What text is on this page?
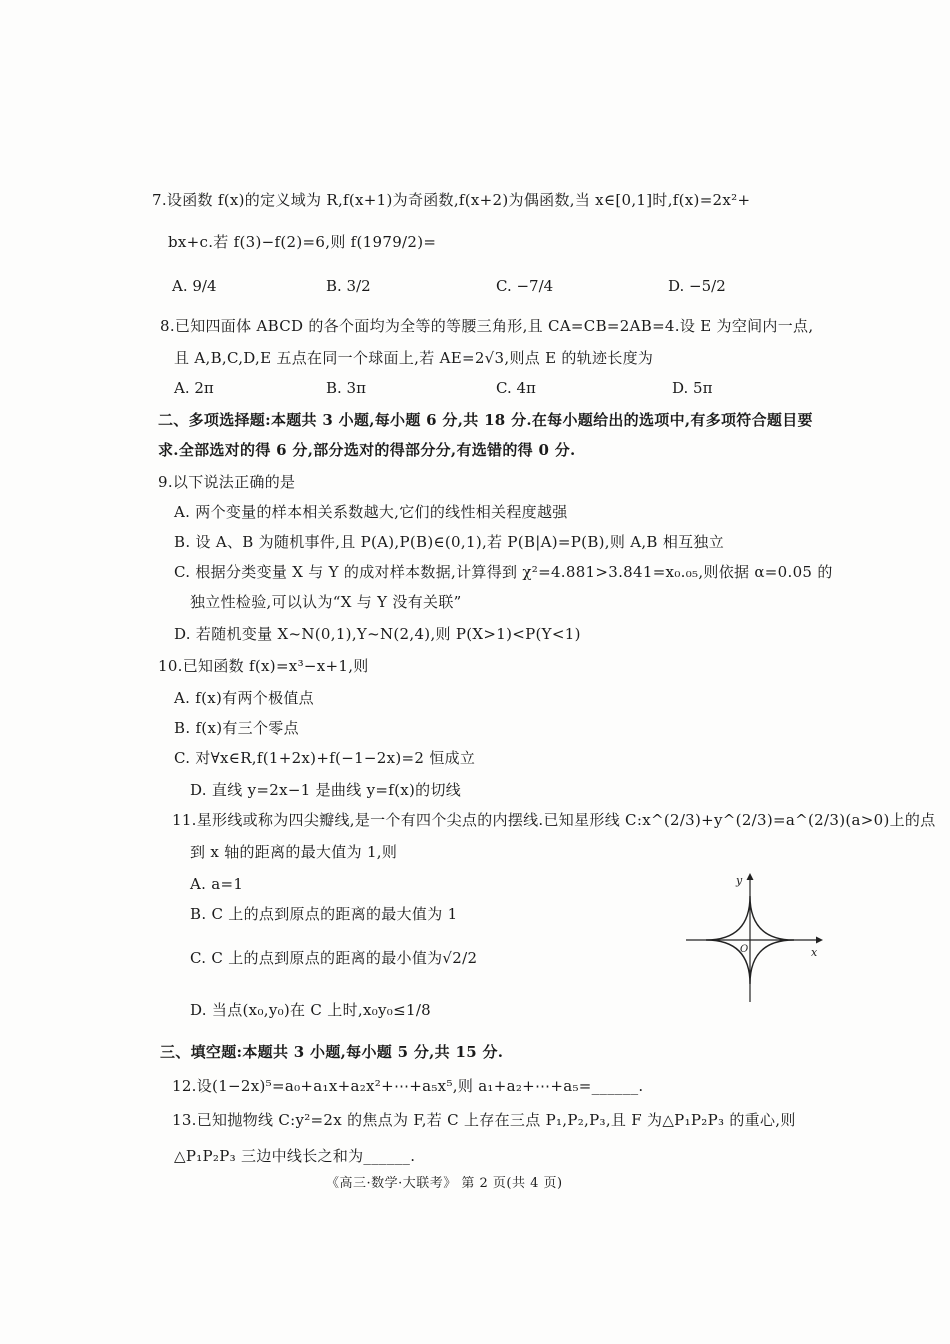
7.设函数 f(x)的定义域为 R,f(x+1)为奇函数,f(x+2)为偶函数,当 x∈[0,1]时,f(x)=2x²+
bx+c.若 f(3)−f(2)=6,则 f(1979/2)=
A. 9/4	B. 3/2	C. −7/4	D. −5/2
8.已知四面体 ABCD 的各个面均为全等的等腰三角形,且 CA=CB=2AB=4.设 E 为空间内一点,
且 A,B,C,D,E 五点在同一个球面上,若 AE=2√3,则点 E 的轨迹长度为
A. 2π	B. 3π	C. 4π	D. 5π
二、多项选择题:本题共 3 小题,每小题 6 分,共 18 分.在每小题给出的选项中,有多项符合题目要
求.全部选对的得 6 分,部分选对的得部分分,有选错的得 0 分.
9.以下说法正确的是
A. 两个变量的样本相关系数越大,它们的线性相关程度越强
B. 设 A、B 为随机事件,且 P(A),P(B)∈(0,1),若 P(B|A)=P(B),则 A,B 相互独立
C. 根据分类变量 X 与 Y 的成对样本数据,计算得到 χ²=4.881>3.841=x₀.₀₅,则依据 α=0.05 的
独立性检验,可以认为“X 与 Y 没有关联”
D. 若随机变量 X~N(0,1),Y~N(2,4),则 P(X>1)<P(Y<1)
10.已知函数 f(x)=x³−x+1,则
A. f(x)有两个极值点
B. f(x)有三个零点
C. 对∀x∈R,f(1+2x)+f(−1−2x)=2 恒成立
D. 直线 y=2x−1 是曲线 y=f(x)的切线
11.星形线或称为四尖瓣线,是一个有四个尖点的内摆线.已知星形线 C:x^(2/3)+y^(2/3)=a^(2/3)(a>0)上的点
到 x 轴的距离的最大值为 1,则
A. a=1
B. C 上的点到原点的距离的最大值为 1
C. C 上的点到原点的距离的最小值为√2/2
D. 当点(x₀,y₀)在 C 上时,x₀y₀≤1/8
x
y
O
三、填空题:本题共 3 小题,每小题 5 分,共 15 分.
12.设(1−2x)⁵=a₀+a₁x+a₂x²+⋯+a₅x⁵,则 a₁+a₂+⋯+a₅=______.
13.已知抛物线 C:y²=2x 的焦点为 F,若 C 上存在三点 P₁,P₂,P₃,且 F 为△P₁P₂P₃ 的重心,则
△P₁P₂P₃ 三边中线长之和为______.
《高三·数学·大联考》 第 2 页(共 4 页)
